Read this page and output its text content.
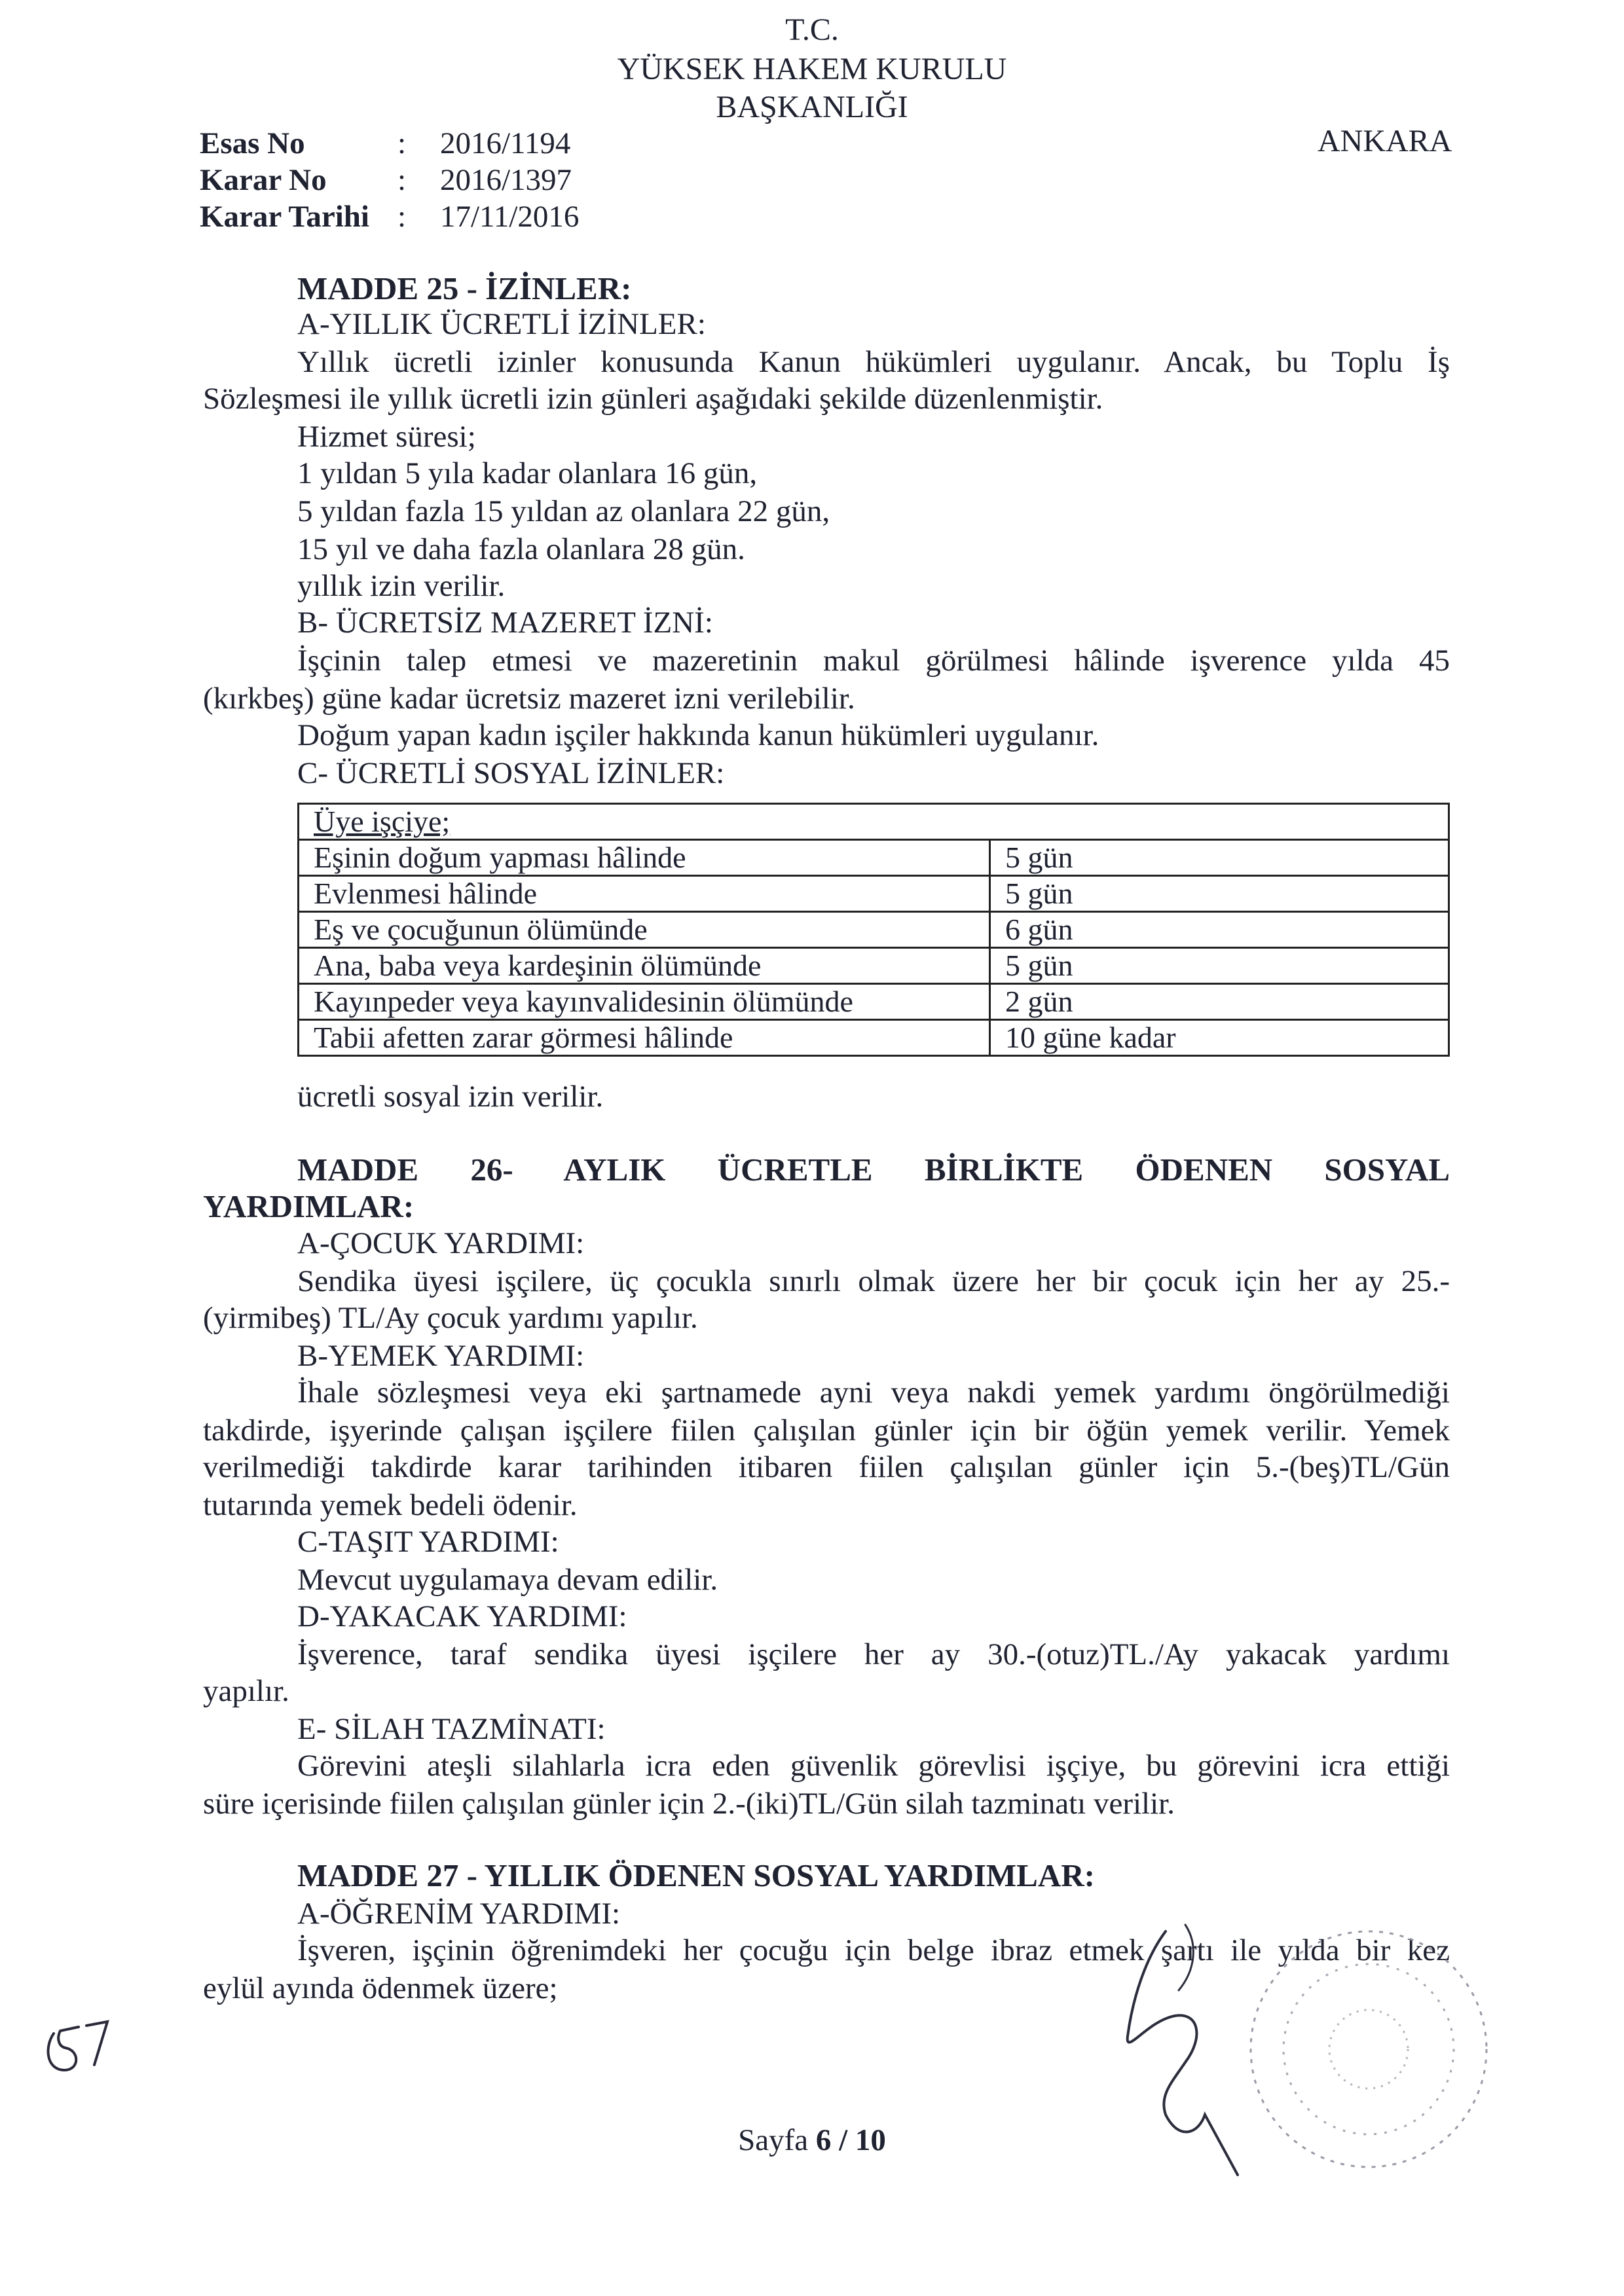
T.C.
YÜKSEK HAKEM KURULU
BAŞKANLIĞI
ANKARA
Esas No	: 2016/1194
Karar No : 2016/1397
Karar Tarihi : 17/11/2016
MADDE 25 - İZİNLER:
A-YILLIK ÜCRETLİ İZİNLER:
Yıllık ücretli izinler konusunda Kanun hükümleri uygulanır. Ancak, bu Toplu İş
Sözleşmesi ile yıllık ücretli izin günleri aşağıdaki şekilde düzenlenmiştir.
Hizmet süresi;
1 yıldan 5 yıla kadar olanlara 16 gün,
5 yıldan fazla 15 yıldan az olanlara 22 gün,
15 yıl ve daha fazla olanlara 28 gün.
yıllık izin verilir.
B- ÜCRETSİZ MAZERET İZNİ:
İşçinin talep etmesi ve mazeretinin makul görülmesi hâlinde işverence yılda 45
(kırkbeş) güne kadar ücretsiz mazeret izni verilebilir.
Doğum yapan kadın işçiler hakkında kanun hükümleri uygulanır.
C- ÜCRETLİ SOSYAL İZİNLER:
Üye işçiye;	
Eşinin doğum yapması hâlinde	5 gün
Evlenmesi hâlinde	5 gün
Eş ve çocuğunun ölümünde	6 gün
Ana, baba veya kardeşinin ölümünde	5 gün
Kayınpeder veya kayınvalidesinin ölümünde	2 gün
Tabii afetten zarar görmesi hâlinde	10 güne kadar
ücretli sosyal izin verilir.
MADDE 26- AYLIK ÜCRETLE BİRLİKTE ÖDENEN SOSYAL
YARDIMLAR:
A-ÇOCUK YARDIMI:
Sendika üyesi işçilere, üç çocukla sınırlı olmak üzere her bir çocuk için her ay 25.-
(yirmibeş) TL/Ay çocuk yardımı yapılır.
B-YEMEK YARDIMI:
İhale sözleşmesi veya eki şartnamede ayni veya nakdi yemek yardımı öngörülmediği
takdirde, işyerinde çalışan işçilere fiilen çalışılan günler için bir öğün yemek verilir. Yemek
verilmediği takdirde karar tarihinden itibaren fiilen çalışılan günler için 5.-(beş)TL/Gün
tutarında yemek bedeli ödenir.
C-TAŞIT YARDIMI:
Mevcut uygulamaya devam edilir.
D-YAKACAK YARDIMI:
İşverence, taraf sendika üyesi işçilere her ay 30.-(otuz)TL./Ay yakacak yardımı
yapılır.
E- SİLAH TAZMİNATI:
Görevini ateşli silahlarla icra eden güvenlik görevlisi işçiye, bu görevini icra ettiği
süre içerisinde fiilen çalışılan günler için 2.-(iki)TL/Gün silah tazminatı verilir.
MADDE 27 - YILLIK ÖDENEN SOSYAL YARDIMLAR:
A-ÖĞRENİM YARDIMI:
İşveren, işçinin öğrenimdeki her çocuğu için belge ibraz etmek şartı ile yılda bir kez
eylül ayında ödenmek üzere;
Sayfa 6 / 10
